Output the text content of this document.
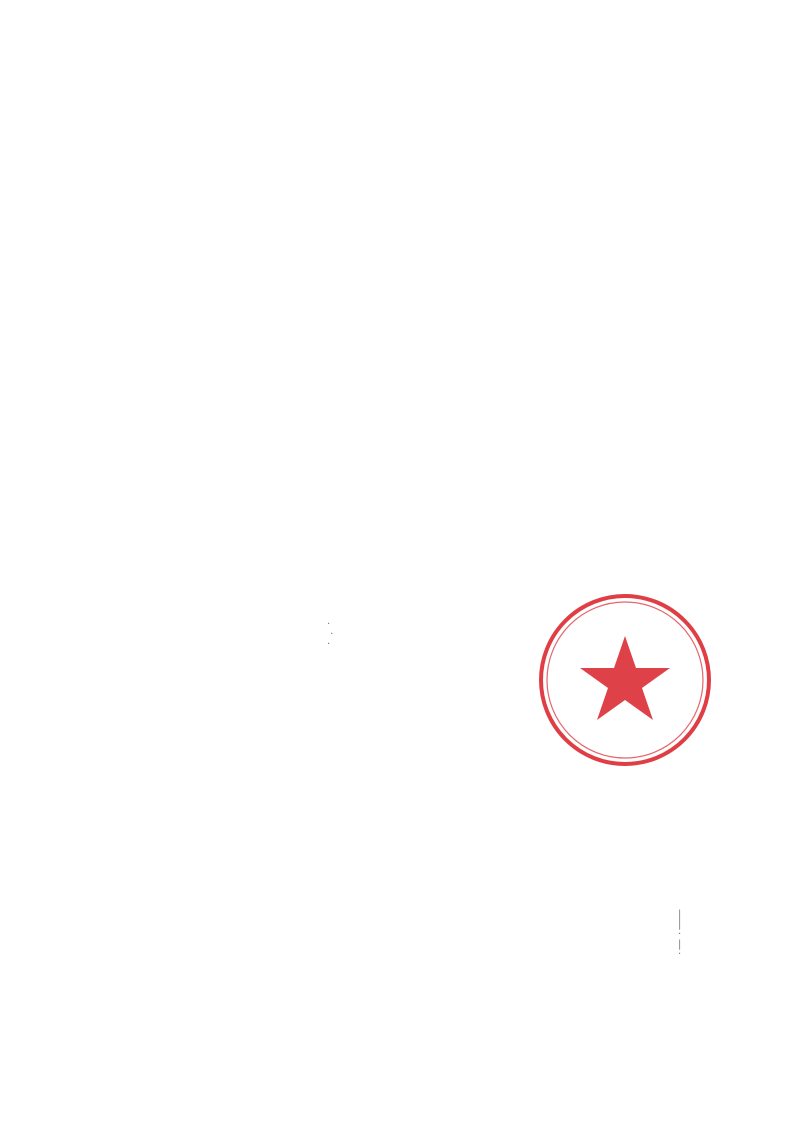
·
·
·
|
|
·
|
·
